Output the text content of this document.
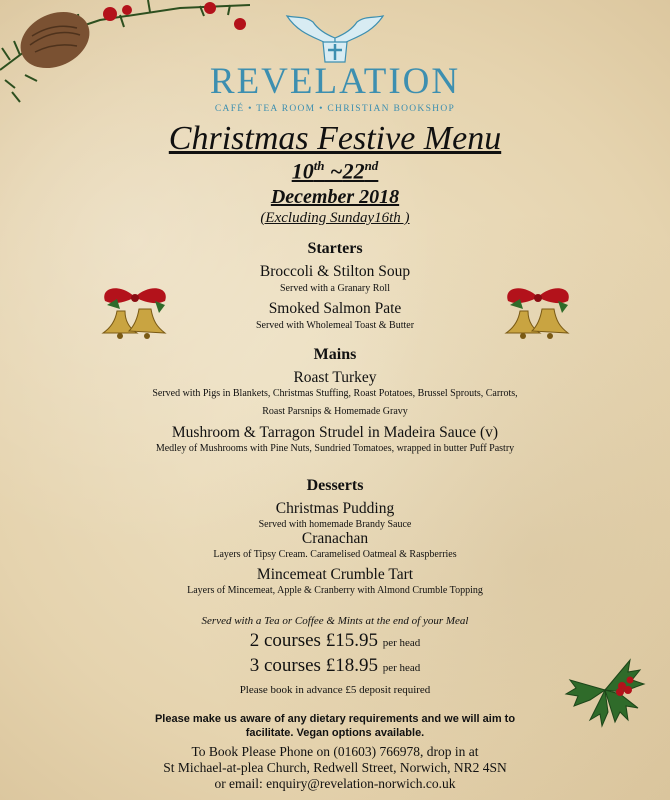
REVELATION
CAFÉ • TEA ROOM • CHRISTIAN BOOKSHOP
Christmas Festive Menu
10th ~22nd
December 2018
(Excluding Sunday16th )
Starters
Broccoli & Stilton Soup
Served with a Granary Roll
Smoked Salmon Pate
Served with Wholemeal Toast & Butter
Mains
Roast Turkey
Served with Pigs in Blankets, Christmas Stuffing, Roast Potatoes, Brussel Sprouts, Carrots,
Roast Parsnips & Homemade Gravy
Mushroom & Tarragon Strudel in Madeira Sauce (v)
Medley of Mushrooms with Pine Nuts, Sundried Tomatoes, wrapped in butter Puff Pastry
Desserts
Christmas Pudding
Served with homemade Brandy Sauce
Cranachan
Layers of Tipsy Cream. Caramelised Oatmeal & Raspberries
Mincemeat Crumble Tart
Layers of Mincemeat, Apple & Cranberry with Almond Crumble Topping
Served with a Tea or Coffee & Mints at the end of your Meal
2 courses £15.95 per head
3 courses £18.95 per head
Please book in advance £5 deposit required
Please make us aware of any dietary requirements and we will aim to
facilitate. Vegan options available.
To Book Please Phone on (01603) 766978, drop in at
St Michael-at-plea Church, Redwell Street, Norwich, NR2 4SN
or email: enquiry@revelation-norwich.co.uk
